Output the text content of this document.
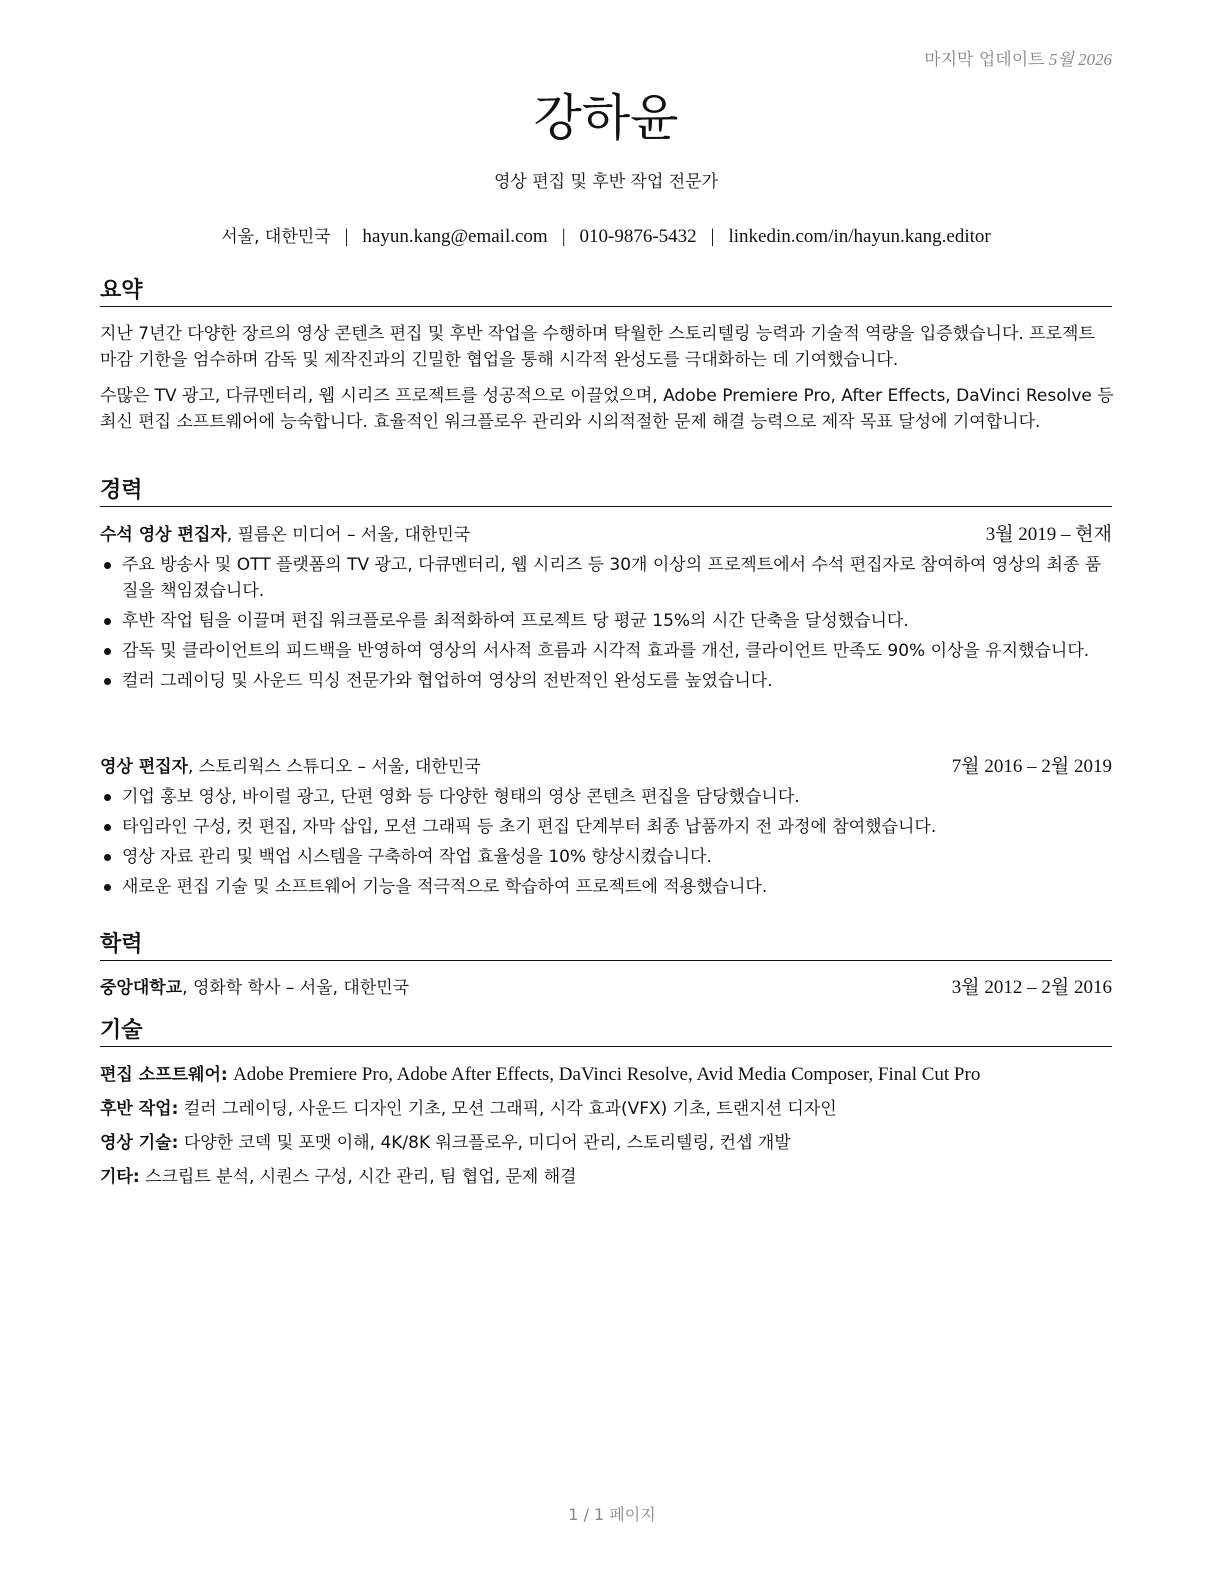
마지막 업데이트 5월 2026
강하윤
영상 편집 및 후반 작업 전문가
서울, 대한민국 | hayun.kang@email.com | 010-9876-5432 | linkedin.com/in/hayun.kang.editor
요약
지난 7년간 다양한 장르의 영상 콘텐츠 편집 및 후반 작업을 수행하며 탁월한 스토리텔링 능력과 기술적 역량을 입증했습니다. 프로젝트 마감 기한을 엄수하며 감독 및 제작진과의 긴밀한 협업을 통해 시각적 완성도를 극대화하는 데 기여했습니다.
수많은 TV 광고, 다큐멘터리, 웹 시리즈 프로젝트를 성공적으로 이끌었으며, Adobe Premiere Pro, After Effects, DaVinci Resolve 등 최신 편집 소프트웨어에 능숙합니다. 효율적인 워크플로우 관리와 시의적절한 문제 해결 능력으로 제작 목표 달성에 기여합니다.
경력
수석 영상 편집자, 필름온 미디어 – 서울, 대한민국	3월 2019 – 현재
주요 방송사 및 OTT 플랫폼의 TV 광고, 다큐멘터리, 웹 시리즈 등 30개 이상의 프로젝트에서 수석 편집자로 참여하여 영상의 최종 품질을 책임졌습니다.
후반 작업 팀을 이끌며 편집 워크플로우를 최적화하여 프로젝트 당 평균 15%의 시간 단축을 달성했습니다.
감독 및 클라이언트의 피드백을 반영하여 영상의 서사적 흐름과 시각적 효과를 개선, 클라이언트 만족도 90% 이상을 유지했습니다.
컬러 그레이딩 및 사운드 믹싱 전문가와 협업하여 영상의 전반적인 완성도를 높였습니다.
영상 편집자, 스토리웍스 스튜디오 – 서울, 대한민국	7월 2016 – 2월 2019
기업 홍보 영상, 바이럴 광고, 단편 영화 등 다양한 형태의 영상 콘텐츠 편집을 담당했습니다.
타임라인 구성, 컷 편집, 자막 삽입, 모션 그래픽 등 초기 편집 단계부터 최종 납품까지 전 과정에 참여했습니다.
영상 자료 관리 및 백업 시스템을 구축하여 작업 효율성을 10% 향상시켰습니다.
새로운 편집 기술 및 소프트웨어 기능을 적극적으로 학습하여 프로젝트에 적용했습니다.
학력
중앙대학교, 영화학 학사 – 서울, 대한민국	3월 2012 – 2월 2016
기술
편집 소프트웨어: Adobe Premiere Pro, Adobe After Effects, DaVinci Resolve, Avid Media Composer, Final Cut Pro
후반 작업: 컬러 그레이딩, 사운드 디자인 기초, 모션 그래픽, 시각 효과(VFX) 기초, 트랜지션 디자인
영상 기술: 다양한 코덱 및 포맷 이해, 4K/8K 워크플로우, 미디어 관리, 스토리텔링, 컨셉 개발
기타: 스크립트 분석, 시퀀스 구성, 시간 관리, 팀 협업, 문제 해결
1 / 1 페이지
